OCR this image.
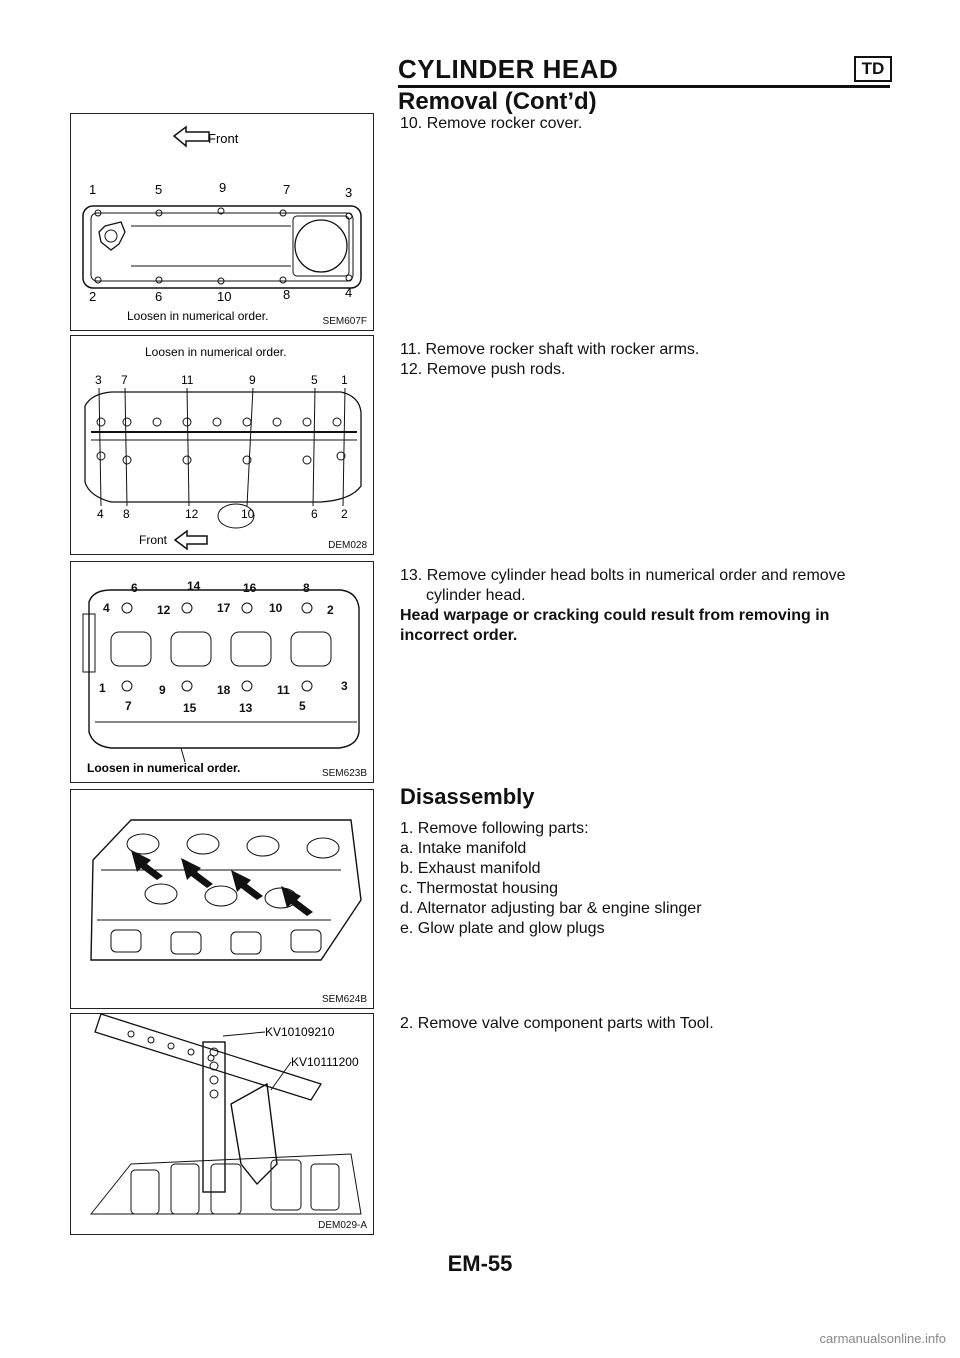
CYLINDER HEAD	TD
Removal (Cont’d)
Front
1	5	9	7	3
2	6	10	8	4
Loosen in numerical order.	SEM607F
Loosen in numerical order.
3 7	11	9	5 1
4 8	12	10	6 2
Front	DEM028
6	14	16	8
4	12	17	10	2
1	9	18	11	3
7	15	13	5
Loosen in numerical order.	SEM623B
SEM624B
KV10109210
KV10111200
DEM029-A

10. Remove rocker cover.

11. Remove rocker shaft with rocker arms.

12. Remove push rods.

13. Remove cylinder head bolts in numerical order and remove

cylinder head.

Head warpage or cracking could result from removing in

incorrect order.

Disassembly

1. Remove following parts:

a. Intake manifold

b. Exhaust manifold

c. Thermostat housing

d. Alternator adjusting bar & engine slinger

e. Glow plate and glow plugs

2. Remove valve component parts with Tool.

EM-55
carmanualsonline.info
